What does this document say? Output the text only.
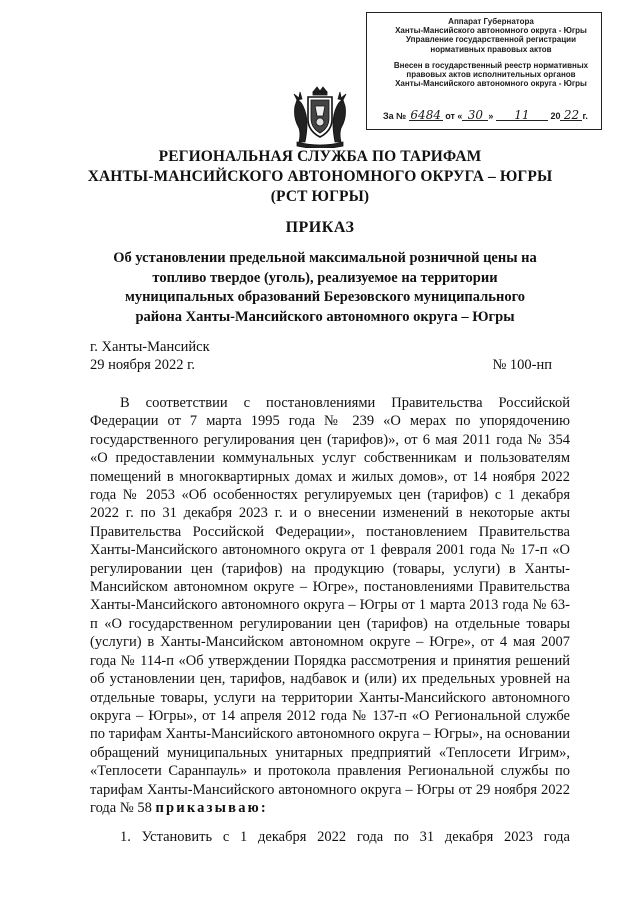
Аппарат Губернатора
Ханты-Мансийского автономного округа - Югры
Управление государственной регистрации
нормативных правовых актов
Внесен в государственный реестр нормативных
правовых актов исполнительных органов
Ханты-Мансийского автономного округа - Югры
За № 6484 от « 30 » 11 20 22 г.
РЕГИОНАЛЬНАЯ СЛУЖБА ПО ТАРИФАМ
ХАНТЫ-МАНСИЙСКОГО АВТОНОМНОГО ОКРУГА – ЮГРЫ
(РСТ ЮГРЫ)
ПРИКАЗ
Об установлении предельной максимальной розничной цены на
топливо твердое (уголь), реализуемое на территории
муниципальных образований Березовского муниципального
района Ханты-Мансийского автономного округа – Югры
г. Ханты-Мансийск
29 ноября 2022 г.	№ 100-нп

В соответствии с постановлениями Правительства Российской Федерации от 7 марта 1995 года № 239 «О мерах по упорядочению государственного регулирования цен (тарифов)», от 6 мая 2011 года № 354 «О предоставлении коммунальных услуг собственникам и пользователям помещений в многоквартирных домах и жилых домов», от 14 ноября 2022 года № 2053 «Об особенностях регулируемых цен (тарифов) с 1 декабря 2022 г. по 31 декабря 2023 г. и о внесении изменений в некоторые акты Правительства Российской Федерации», постановлением Правительства Ханты-Мансийского автономного округа от 1 февраля 2001 года № 17-п «О регулировании цен (тарифов) на продукцию (товары, услуги) в Ханты-Мансийском автономном округе – Югре», постановлениями Правительства Ханты-Мансийского автономного округа – Югры от 1 марта 2013 года № 63-п «О государственном регулировании цен (тарифов) на отдельные товары (услуги) в Ханты-Мансийском автономном округе – Югре», от 4 мая 2007 года № 114-п «Об утверждении Порядка рассмотрения и принятия решений об установлении цен, тарифов, надбавок и (или) их предельных уровней на отдельные товары, услуги на территории Ханты-Мансийского автономного округа – Югры», от 14 апреля 2012 года № 137-п «О Региональной службе по тарифам Ханты-Мансийского автономного округа – Югры», на основании обращений муниципальных унитарных предприятий «Теплосети Игрим», «Теплосети Саранпауль» и протокола правления Региональной службы по тарифам Ханты-Мансийского автономного округа – Югры от 29 ноября 2022 года № 58 приказываю:

1. Установить с 1 декабря 2022 года по 31 декабря 2023 года
